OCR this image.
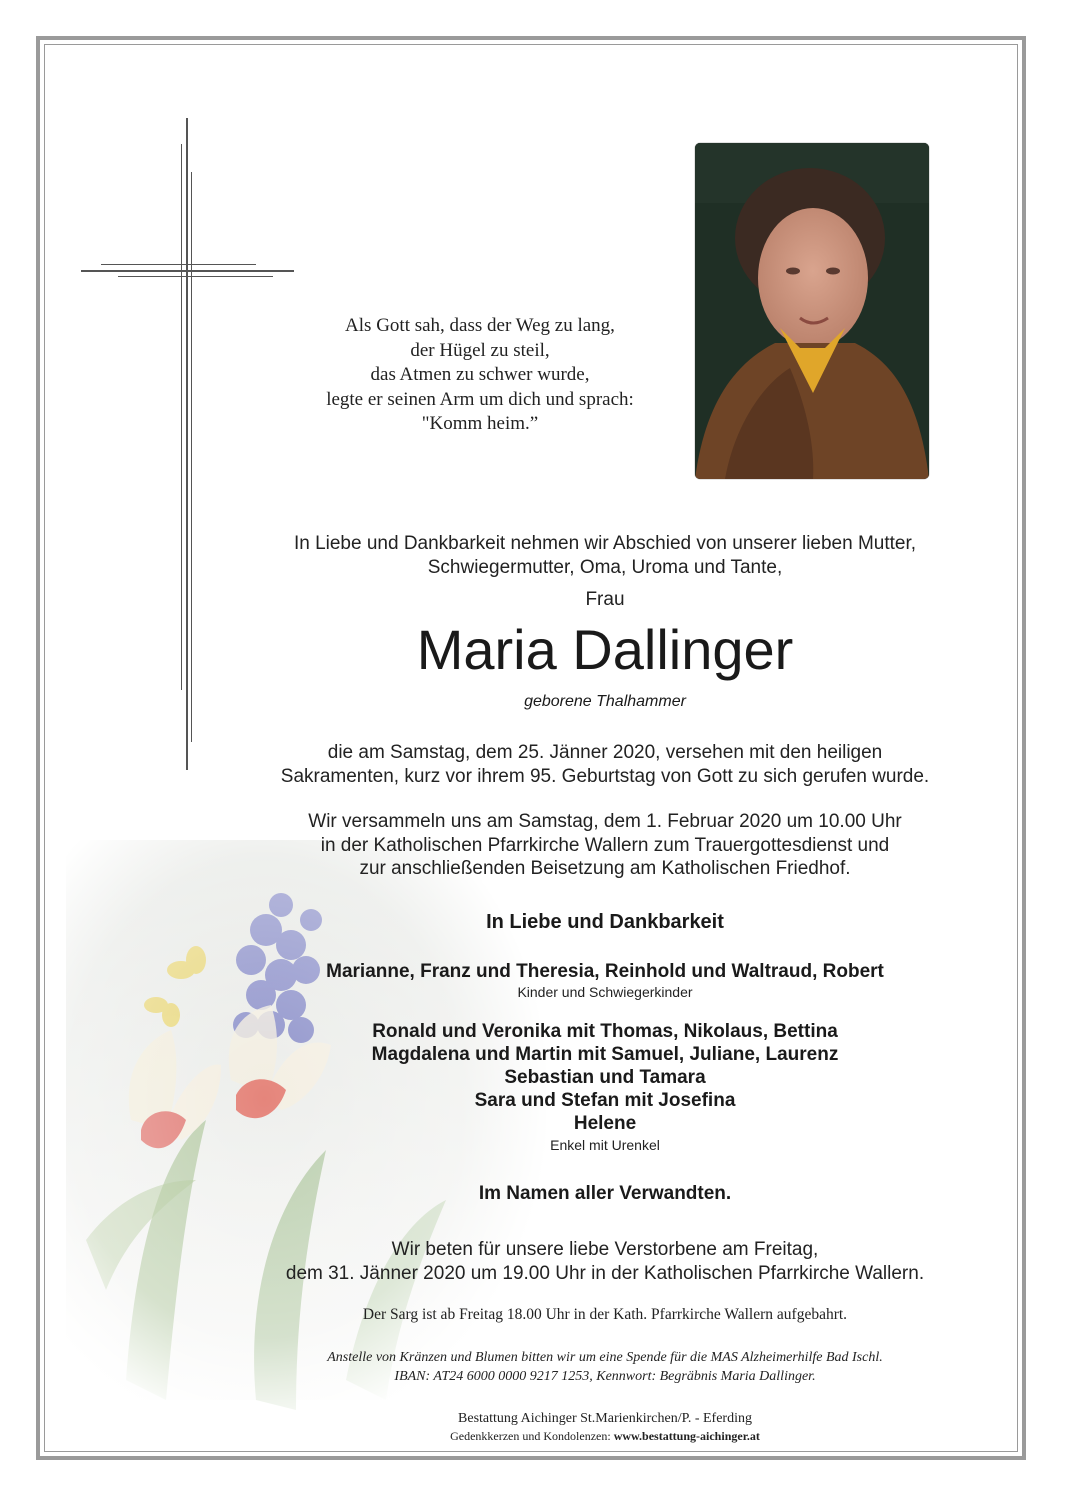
Als Gott sah, dass der Weg zu lang,
der Hügel zu steil,
das Atmen zu schwer wurde,
legte er seinen Arm um dich und sprach:
"Komm heim.”
In Liebe und Dankbarkeit nehmen wir Abschied von unserer lieben Mutter,
Schwiegermutter, Oma, Uroma und Tante,
Frau
Maria Dallinger
geborene Thalhammer
die am Samstag, dem 25. Jänner 2020, versehen mit den heiligen
Sakramenten, kurz vor ihrem 95. Geburtstag von Gott zu sich gerufen wurde.
Wir versammeln uns am Samstag, dem 1. Februar 2020 um 10.00 Uhr
in der Katholischen Pfarrkirche Wallern zum Trauergottesdienst und
zur anschließenden Beisetzung am Katholischen Friedhof.
In Liebe und Dankbarkeit
Marianne, Franz und Theresia, Reinhold und Waltraud, Robert
Kinder und Schwiegerkinder
Ronald und Veronika mit Thomas, Nikolaus, Bettina
Magdalena und Martin mit Samuel, Juliane, Laurenz
Sebastian und Tamara
Sara und Stefan mit Josefina
Helene
Enkel mit Urenkel
Im Namen aller Verwandten.
Wir beten für unsere liebe Verstorbene am Freitag,
dem 31. Jänner 2020 um 19.00 Uhr in der Katholischen Pfarrkirche Wallern.
Der Sarg ist ab Freitag 18.00 Uhr in der Kath. Pfarrkirche Wallern aufgebahrt.
Anstelle von Kränzen und Blumen bitten wir um eine Spende für die MAS Alzheimerhilfe Bad Ischl.
IBAN: AT24 6000 0000 9217 1253, Kennwort: Begräbnis Maria Dallinger.
Bestattung Aichinger St.Marienkirchen/P. - Eferding
Gedenkkerzen und Kondolenzen: www.bestattung-aichinger.at
